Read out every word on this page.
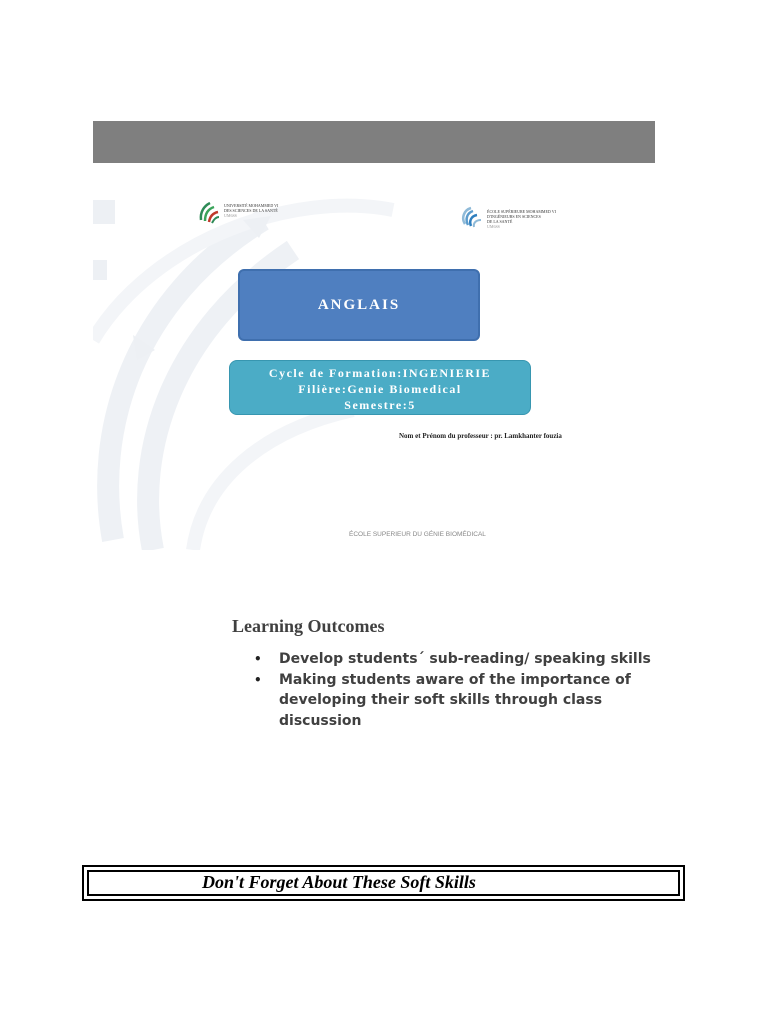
UNIVERSITÉ MOHAMMED VI
DES SCIENCES DE LA SANTÉ
UM6SS
ÉCOLE SUPÉRIEURE MOHAMMED VI
D'INGÉNIEURS EN SCIENCES
DE LA SANTÉ
UM6SS
ANGLAIS
Cycle de Formation:INGENIERIE
Filière:Genie Biomedical
Semestre:5
Nom et Prénom du professeur : pr. Lamkhanter fouzia
ÉCOLE SUPERIEUR DU GÉNIE BIOMÉDICAL
Learning Outcomes
• Develop students´ sub-reading/ speaking skills
• Making students aware of the importance of developing their soft skills through class discussion
Don't Forget About These Soft Skills
